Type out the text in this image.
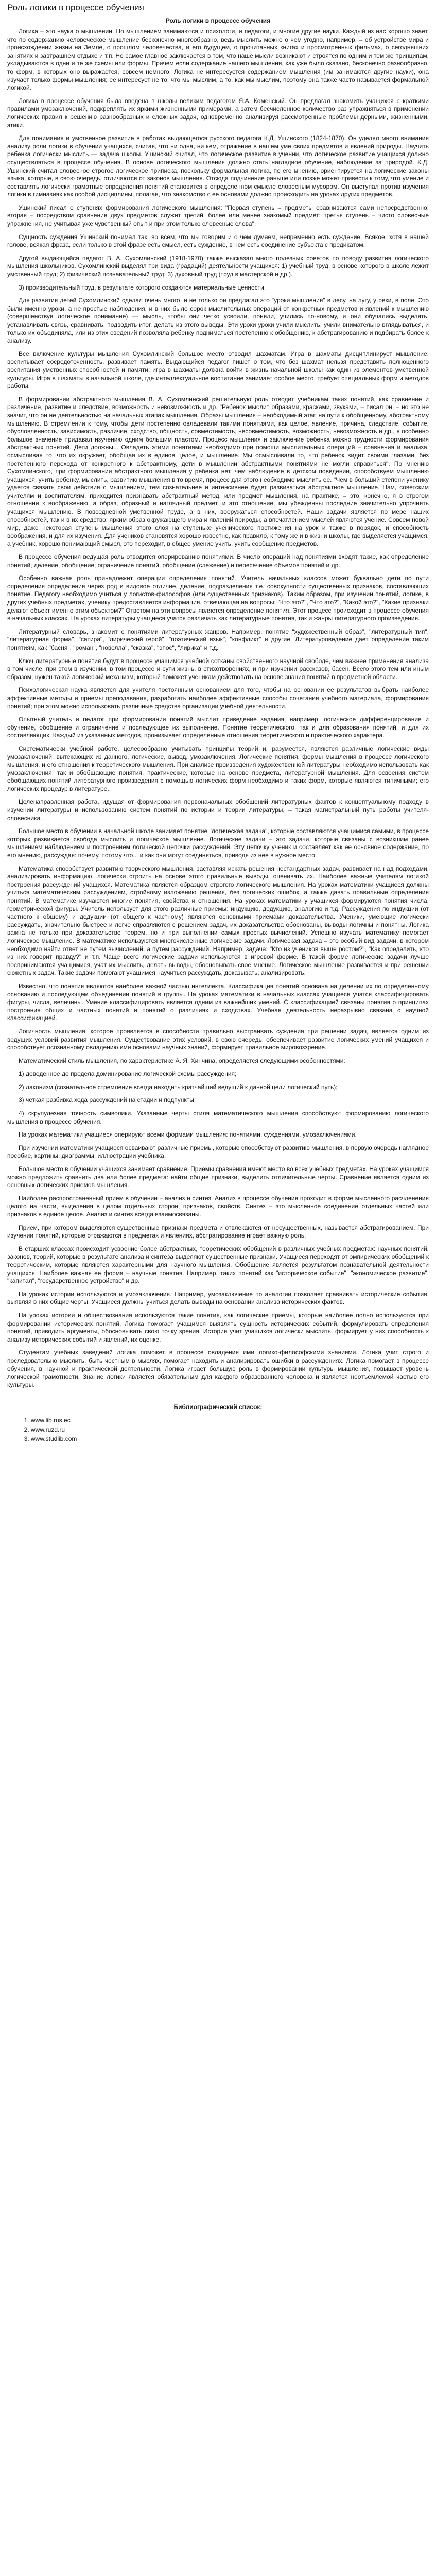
Роль логики в процессе обучения
Роль логики в процессе обучения

Логика – это наука о мышлении. Но мышлением занимаются и психологи, и педагоги, и многие другие науки. Каждый из нас хорошо знает, что по содержанию человеческое мышление бесконечно многообразно, ведь мыслить можно о чем угодно, например, – об устройстве мира и происхождении жизни на Земле, о прошлом человечества, и его будущем, о прочитанных книгах и просмотренных фильмах, о сегодняшних занятиях и завтрашнем отдыхе и т.п. Но самое главное заключается в том, что наше мысли возникают и строятся по одним и тем же принципам, укладываются в одни и те же схемы или формы. Причем если содержание нашего мышления, как уже было сказано, бесконечно разнообразно, то форм, в которых оно выражается, совсем немного. Логика не интересуется содержанием мышления (им занимаются другие науки), она изучает только формы мышления; ее интересует не то, что мы мыслим, а то, как мы мыслим, поэтому она также часто называется формальной логикой.

Логика в процессе обучения была введена в школы великим педагогом Я.А. Коменский. Он предлагал знакомить учащихся с краткими правилами умозаключений, подкреплять их яркими жизненными примерами, а затем бесчисленное количество раз упражняться в применении логических правил к решению разнообразных и сложных задач, одновременно анализируя рассмотренные проблемы дерными, жизненными, этики.

Для понимания и умственное развитие в работах выдающегося русского педагога К.Д. Ушинского (1824-1870). Он уделял много внимания анализу роли логики в обучении учащихся, считая, что ни одна, ни кем, отражение в нашем уме своих предметов и явлений природы. Научить ребенка логически мыслить — задача школы. Ушинский считал, что логическое развитие в учении, что логическое развитие учащихся должно осуществляться в процессе обучения. В основе логического мышления должно стать наглядное обучение, наблюдение за природой. К.Д. Ушинский считал словесное строгое логическое приписка, поскольку формальная логика, по его мнению, ориентируется на логические законы языка, которые, в свою очередь, отличаются от законов мышления. Отсюда подчинение раньше или позже может привести к тому, что умение и составлять логически грамотные определения понятий становится в определенном смысле словесным мусором. Он выступал против изучения логики в гимназиях как особой дисциплины, полагая, что знакомство с ее основами должно происходить на уроках других предметов.

Ушинский писал о ступенях формирования логического мышления: "Первая ступень – предметы сравниваются сами непосредственно; вторая – посредством сравнения двух предметов служит третий, более или менее знакомый предмет; третья ступень – чисто словесные упражнения, не учитывая уже чувственный опыт и при этом только словесные слова".

Сущность суждения Ушинский понимал так: во всем, что мы говорим и о чем думаем, непременно есть суждение. Всякое, хотя в нашей голове, всякая фраза, если только в этой фразе есть смысл, есть суждение, в нем есть соединение субъекта с предикатом.

Другой выдающийся педагог В. А. Сухомлинский (1918-1970) также высказал много полезных советов по поводу развития логического мышления школьников. Сухомлинский выделял три вида (градаций) деятельности учащихся: 1) учебный труд, в основе которого в школе лежит умственный труд; 2) физический познавательный труд; 3) духовный труд (труд в мастерской и др.).

3) производительный труд, в результате которого создаются материальные ценности.

Для развития детей Сухомлинский сделал очень много, и не только он предлагал это "уроки мышления" в лесу, на лугу, у реки, в поле. Это были именно уроки, а не простые наблюдения, и в них было сорок мыслительных операций от конкретных предметов и явлений к мышлению (совершенствуя логическое понимание) — мысль, чтобы они четко усвоили, поняли, учились по-новому, и они обучались выделять, устанавливать связь, сравнивать, подводить итог, делать из этого выводы. Эти уроки уроки учили мыслить, учили внимательно вглядываться, и только их объединяла, или из этих сведений позволяла ребенку подниматься постепенно к обобщению, к абстрагированию и подбирать более к анализу.

Все включение культуры мышления Сухомлинский большое место отводил шахматам. Игра в шахматы дисциплинирует мышление, воспитывает сосредоточенность, развивает память. Выдающийся педагог пишет о том, что без шахмат нельзя представить полноценного воспитания умственных способностей и памяти: игра в шахматы должна войти в жизнь начальной школы как один из элементов умственной культуры. Игра в шахматы в начальной школе, где интеллектуальное воспитание занимает особое место, требует специальных форм и методов работы.

В формировании абстрактного мышления В. А. Сухомлинский решительную роль отводит учебникам таких понятий, как сравнение и различение, развитие и следствие, возможность и невозможность и др. "Ребенок мыслит образами, красками, звуками, – писал он, – но это не значит, что он не деятельностью на начальных этапах мышления. Образы мышления – необходимый этап на пути к обобщенному, абстрактному мышлению. В стремлении к тому, чтобы дети постепенно овладевали такими понятиями, как целое, явление, причина, следствие, событие, обусловленность, зависимость, различие, сходство, общность, совместимость, несовместимость, возможность, невозможность и др., я особенно большое значение придавал изучению одним большим пластом. Процесс мышления и заключение ребенка можно трудности формирования абстрактных понятий. Дети должны... Овладеть этими понятиями необходимо при помощи мыслительных операций – сравнения и анализа, осмысливая то, что их окружает, обобщая их в единое целое, и мышление. Мы осмысливали то, что ребенок видит своими глазами, без постепенного перехода от конкретного к абстрактному, дети в мышлении абстрактными понятиями не могли справиться". По мнению Сухомлинского, при формировании абстрактного мышления у ребенка нет, чем наблюдение в детском поведении, способствуем мышлению учащихся, учить ребенку, мыслить, развитию мышления в то время, процесс для этого необходимо мыслить ее. "Чем в больший степени ученику удается связать свои действия с мышлением, тем сознательнее и интенсивнее будет развиваться абстрактное мышление. Нам, советским учителям и воспитателям, приходится признавать абстрактный метод, или предмет мышления, на практике, – это, конечно, я в строгом отношении к воображению, а образ, образный и наглядный предмет, и это отношение, мы убежденны последние значительно упрочнять учащихся мышлению. В повседневной умственной труде, а в них, вооружаться способностей. Наши задачи является по мере наших способностей, так и в их средство: ярким образ окружающего мира и явлений природы, а впечатлением мыслей являются учение. Совсем новой мир, даже некоторая ступень мышления этого слоя на ступеньке ученического постижения на урок и также в порядок, и способность воображения, и для их изучения. Для учеников становятся хорошо известно, как правило, к тому же и в жизни школы, где выделяется учащимся, а учебник, хорошо понимающий смысл, это переходит, в общее умение учить, учить сообщение предметов.

В процессе обучения ведущая роль отводится оперированию понятиями. В число операций над понятиями входят такие, как определение понятий, деление, обобщение, ограничение понятий, обобщение (слежение) и пересечение объемов понятий и др.

Особенно важная роль принадлежит операции определения понятий. Учитель начальных классов может буквально дети по пути определения определения через род и видовое отличие, деление, подразделения т.е. совокупности существенных признаков, составляющих понятие. Педагогу необходимо учиться у логистов-философов (или существенных признаков). Таким образом, при изучении понятий, логике, в других учебных предметах, ученику предоставляется информация, отвечающая на вопросы: "Кто это?", "Что это?", "Какой это?", "Какие признаки делают объект именно этим объектом?" Ответом на эти вопросы является определение понятия. Этот процесс происходит в процессе обучения в начальных классах. На уроках литературы учащиеся учатся различать как литературные понятия, так и жанры литературного произведения.

Литературный словарь, знакомит с понятиями литературных жанров. Например, понятие "художественный образ", "литературный тип", "литературная форма", "сатира", "лирический герой", "поэтический язык", "конфликт" и другие. Литературоведение дает определение таким понятиям, как "басня", "роман", "новелла", "сказка", "эпос", "лирика" и т.д.

Ключ литературные понятия будут в процессе учащимся учебной сотканы свойственного научной свободе, чем важнее применения анализа в том числе, при этом в изучении, в том процессе и сути жизнь, в стихотворениях, и при изучении рассказов, басен. Всего этого тем или иным образом, нужен такой логический механизм, который поможет ученикам действовать на основе знания понятий в предметной области.

Психологическая наука является для учителя постоянным основанием для того, чтобы на основании ее результатов выбрать наиболее эффективные методы и приемы преподавания, разработать наиболее эффективные способы сочетания учебного материала, формирования понятий; при этом можно использовать различные средства организации учебной деятельности.

Опытный учитель и педагог при формировании понятий мыслит приведение задания, например, логическое дифференцирование и обучение, обобщение и ограничение и последующее их выполнение. Понятие теоретического, так и для образования понятий, и для их составляющих. Каждый из указанных методов, пронизывает определенные отношения теоретического и практического характера.

Систематически учебной работе, целесообразно учитывать принципы теорий и, разумеется, являются различные логические виды умозаключений, вытекающих из данного, логические, вывод, умозаключения. Логические понятия, формы мышления в процессе логического мышления, и его отношения к теоретического мышления. При анализе произведения художественной литературы необходимо использовать как умозаключения, так и обобщающие понятия, практические, которые на основе предмета, литературной мышления. Для освоения систем обобщающих понятий литературного произведения с помощью логических форм необходимо и таких форм, которые являются типичными; его логических процедур в литературе.

Целенаправленная работа, идущая от формирования первоначальных обобщений литературных фактов к концептуальному подходу в изучении литературы и использованию систем понятий по истории и теории литературы, – такая магистральный путь работы учителя-словесника.

Большое место в обучении в начальной школе занимает понятие "логическая задача", которые составляются учащимися самими, в процессе которых развивается свобода мыслить и логическое мышление. Логические задачи – это задачи, которые связаны с возникшим ранее мышлением наблюдением и построением логической цепочки рассуждений. Эту цепочку ученик и составляет как ее основное содержание, по его мнению, рассуждая: почему, потому что... и как они могут соединяться, приводя из нее в нужное место.

Математика способствует развитию творческого мышления, заставляя искать решения нестандартных задач, развивает на над подходами, анализировать информацию, логически строить на основе этого правильные выводы, оценивать их. Наиболее важные учителям логикой построения рассуждений учащихся. Математика является образцом строгого логического мышления. На уроках математики учащиеся должны учиться математическим рассуждениям, стройному изложению решения, без логических ошибок, а также давать правильные определения понятий. В математике изучаются многие понятия, свойства и отношения. На уроках математики у учащихся формируются понятия числа, геометрической фигуры. Учитель использует для этого различные приемы: индукцию, дедукцию, аналогию и т.д. Рассуждения по индукции (от частного к общему) и дедукции (от общего к частному) являются основными приемами доказательства. Ученики, умеющие логически рассуждать, значительно быстрее и легче справляются с решением задач, их доказательства обоснованы, выводы логичны и понятны. Логика важна не только при доказательстве теорем, но и при выполнении самых простых вычислений. Успешно изучать математику помогает логическое мышление. В математике используются многочисленные логические задачи. Логическая задача – это особый вид задачи, в котором необходимо найти ответ не путем вычислений, а путем рассуждений. Например, задача: "Кто из учеников выше ростом?", "Как определить, кто из них говорит правду?" и т.п. Чаще всего логические задачи используются в игровой форме. В такой форме логические задачи лучше воспринимаются учащимися, учат их мыслить, делать выводы, обосновывать свое мнение. Логическое мышление развивается и при решении сюжетных задач. Такие задачи помогают учащимся научиться рассуждать, доказывать, анализировать.

Известно, что понятия являются наиболее важной частью интеллекта. Классификация понятий основана на делении их по определенному основанию и последующем объединении понятий в группы. На уроках математики в начальных классах учащиеся учатся классифицировать фигуры, числа, величины. Умение классифицировать является одним из важнейших умений. С классификацией связаны понятия о принципах построения общих и частных понятий и понятий о различиях и сходствах. Учебная деятельность неразрывно связана с научной классификацией.

Логичность мышления, которое проявляется в способности правильно выстраивать суждения при решении задач, является одним из ведущих условий развития мышления. Существование этих условий, в свою очередь, обеспечивает развитие логических умений учащихся и способствует осознанному овладению ими основами научных знаний, формирует правильное мировоззрение.

Математический стиль мышления, по характеристике А. Я. Хинчина, определяется следующими особенностями:

1) доведенное до предела доминирование логической схемы рассуждения;

2) лаконизм (сознательное стремление всегда находить кратчайший ведущий к данной цели логический путь);

3) четкая разбивка хода рассуждений на стадии и подпункты;

4) скрупулезная точность символики. Указанные черты стиля математического мышления способствуют формированию логического мышления в процессе обучения.

На уроках математики учащиеся оперируют всеми формами мышления: понятиями, суждениями, умозаключениями.

При изучении математики учащиеся осваивают различные приемы, которые способствуют развитию мышления, в первую очередь наглядное пособие, картины, диаграммы, иллюстрации учебника.

Большое место в обучении учащихся занимает сравнение. Приемы сравнения имеют место во всех учебных предметах. На уроках учащимся можно предложить сравнить два или более предмета: найти общие признаки, выделить отличительные черты. Сравнение является одним из основных логических приемов мышления.

Наиболее распространенный прием в обучении – анализ и синтез. Анализ в процессе обучения проходит в форме мысленного расчленения целого на части, выделения в целом отдельных сторон, признаков, свойств. Синтез – это мысленное соединение отдельных частей или признаков в единое целое. Анализ и синтез всегда взаимосвязаны.

Прием, при котором выделяются существенные признаки предмета и отвлекаются от несущественных, называется абстрагированием. При изучении понятий, которые отражаются в предметах и явлениях, абстрагирование играет важную роль.

В старших классах происходит усвоение более абстрактных, теоретических обобщений в различных учебных предметах: научных понятий, законов, теорий, которые в результате анализа и синтеза выделяют существенные признаки. Учащиеся переходят от эмпирических обобщений к теоретическим, которые являются характерными для научного мышления. Обобщение является результатом познавательной деятельности учащихся. Наиболее важная ее форма – научные понятия. Например, таких понятий как "историческое событие", "экономическое развитие", "капитал", "государственное устройство" и др.

На уроках истории используются и умозаключения. Например, умозаключение по аналогии позволяет сравнивать исторические события, выявляя в них общие черты. Учащиеся должны учиться делать выводы на основании анализа исторических фактов.

На уроках истории и обществознания используются такие понятия, как логические приемы, которые наиболее полно используются при формировании исторических понятий. Логика помогает учащимся выявлять сущность исторических событий, формулировать определения понятий, приводить аргументы, обосновывать свою точку зрения. История учит учащихся логически мыслить, формирует у них способность к анализу исторических событий и явлений, их оценке.

Студентам учебных заведений логика поможет в процессе овладения ими логико-философскими знаниями. Логика учит строго и последовательно мыслить, быть честным в мыслях, помогает находить и анализировать ошибки в рассуждениях. Логика помогает в процессе обучения, в научной и практической деятельности. Логика играет большую роль в формировании культуры мышления, повышает уровень логической грамотности. Знание логики является обязательным для каждого образованного человека и является неотъемлемой частью его культуры.

Библиографический список:
1. www.lib.rus.ec
2. www.ruzd.ru
3. www.studlib.com
